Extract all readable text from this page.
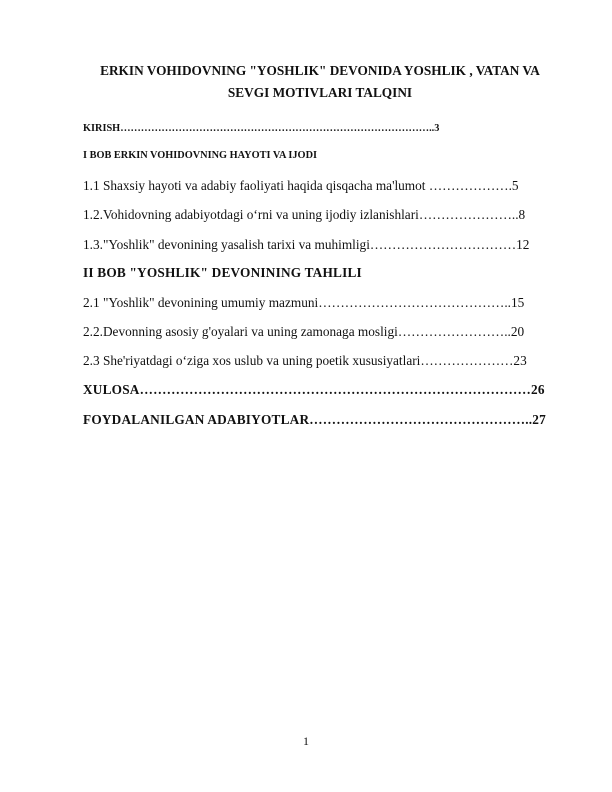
ERKIN VOHIDOVNING "YOSHLIK" DEVONIDA YOSHLIK , VATAN VA

SEVGI MOTIVLARI TALQINI

KIRISH………………………………………………………………………………..3

I BOB ERKIN VOHIDOVNING HAYOTI VA IJODI

1.1 Shaxsiy hayoti va adabiy faoliyati haqida qisqacha ma'lumot ……………….5

1.2.Vohidovning adabiyotdagi o‘rni va uning ijodiy izlanishlari…………………..8

1.3."Yoshlik" devonining yasalish tarixi va muhimligi……………………………12

II BOB "YOSHLIK" DEVONINING TAHLILI

2.1 "Yoshlik" devonining umumiy mazmuni……………………………………..15

2.2.Devonning asosiy g'oyalari va uning zamonaga mosligi……………………..20

2.3 She'riyatdagi o‘ziga xos uslub va uning poetik xususiyatlari…………………23

XULOSA……………………………………………………………………………26

FOYDALANILGAN ADABIYOTLAR…………………………………………..27

1
